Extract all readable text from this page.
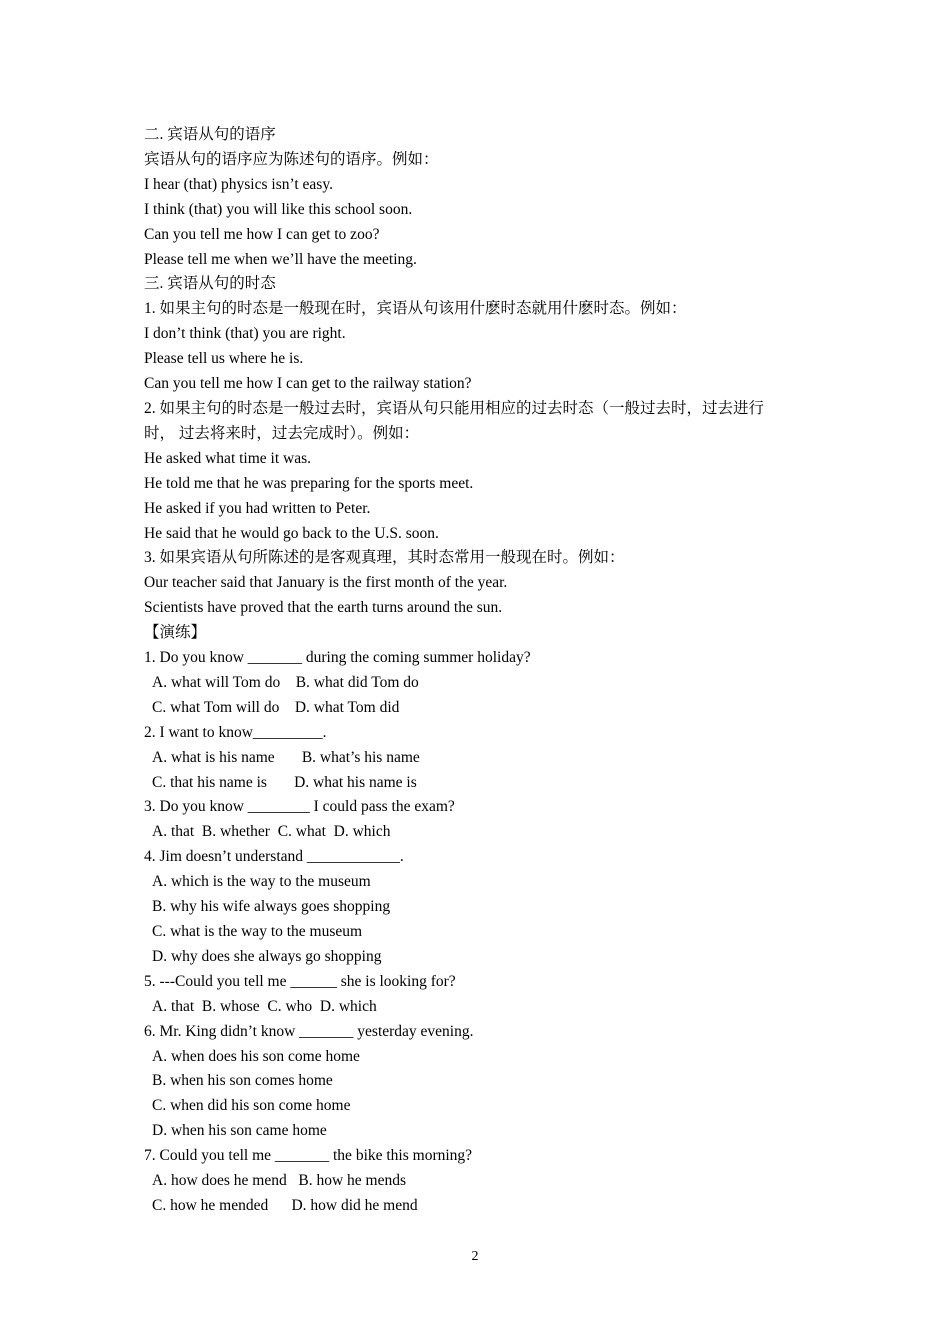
二. 宾语从句的语序
宾语从句的语序应为陈述句的语序。例如：
I hear (that) physics isn’t easy.
I think (that) you will like this school soon.
Can you tell me how I can get to zoo?
Please tell me when we’ll have the meeting.
三. 宾语从句的时态
1. 如果主句的时态是一般现在时，宾语从句该用什麽时态就用什麽时态。例如：
I don’t think (that) you are right.
Please tell us where he is.
Can you tell me how I can get to the railway station?
2. 如果主句的时态是一般过去时，宾语从句只能用相应的过去时态（一般过去时，过去进行
时， 过去将来时，过去完成时）。例如：
He asked what time it was.
He told me that he was preparing for the sports meet.
He asked if you had written to Peter.
He said that he would go back to the U.S. soon.
3. 如果宾语从句所陈述的是客观真理，其时态常用一般现在时。例如：
Our teacher said that January is the first month of the year.
Scientists have proved that the earth turns around the sun.
【演练】
1. Do you know _______ during the coming summer holiday?
A. what will Tom do    B. what did Tom do
C. what Tom will do    D. what Tom did
2. I want to know_________.
A. what is his name       B. what’s his name
C. that his name is       D. what his name is
3. Do you know ________ I could pass the exam?
A. that  B. whether  C. what  D. which
4. Jim doesn’t understand ____________.
A. which is the way to the museum
B. why his wife always goes shopping
C. what is the way to the museum
D. why does she always go shopping
5. ---Could you tell me ______ she is looking for?
A. that  B. whose  C. who  D. which
6. Mr. King didn’t know _______ yesterday evening.
A. when does his son come home
B. when his son comes home
C. when did his son come home
D. when his son came home
7. Could you tell me _______ the bike this morning?
A. how does he mend   B. how he mends
C. how he mended      D. how did he mend
2
